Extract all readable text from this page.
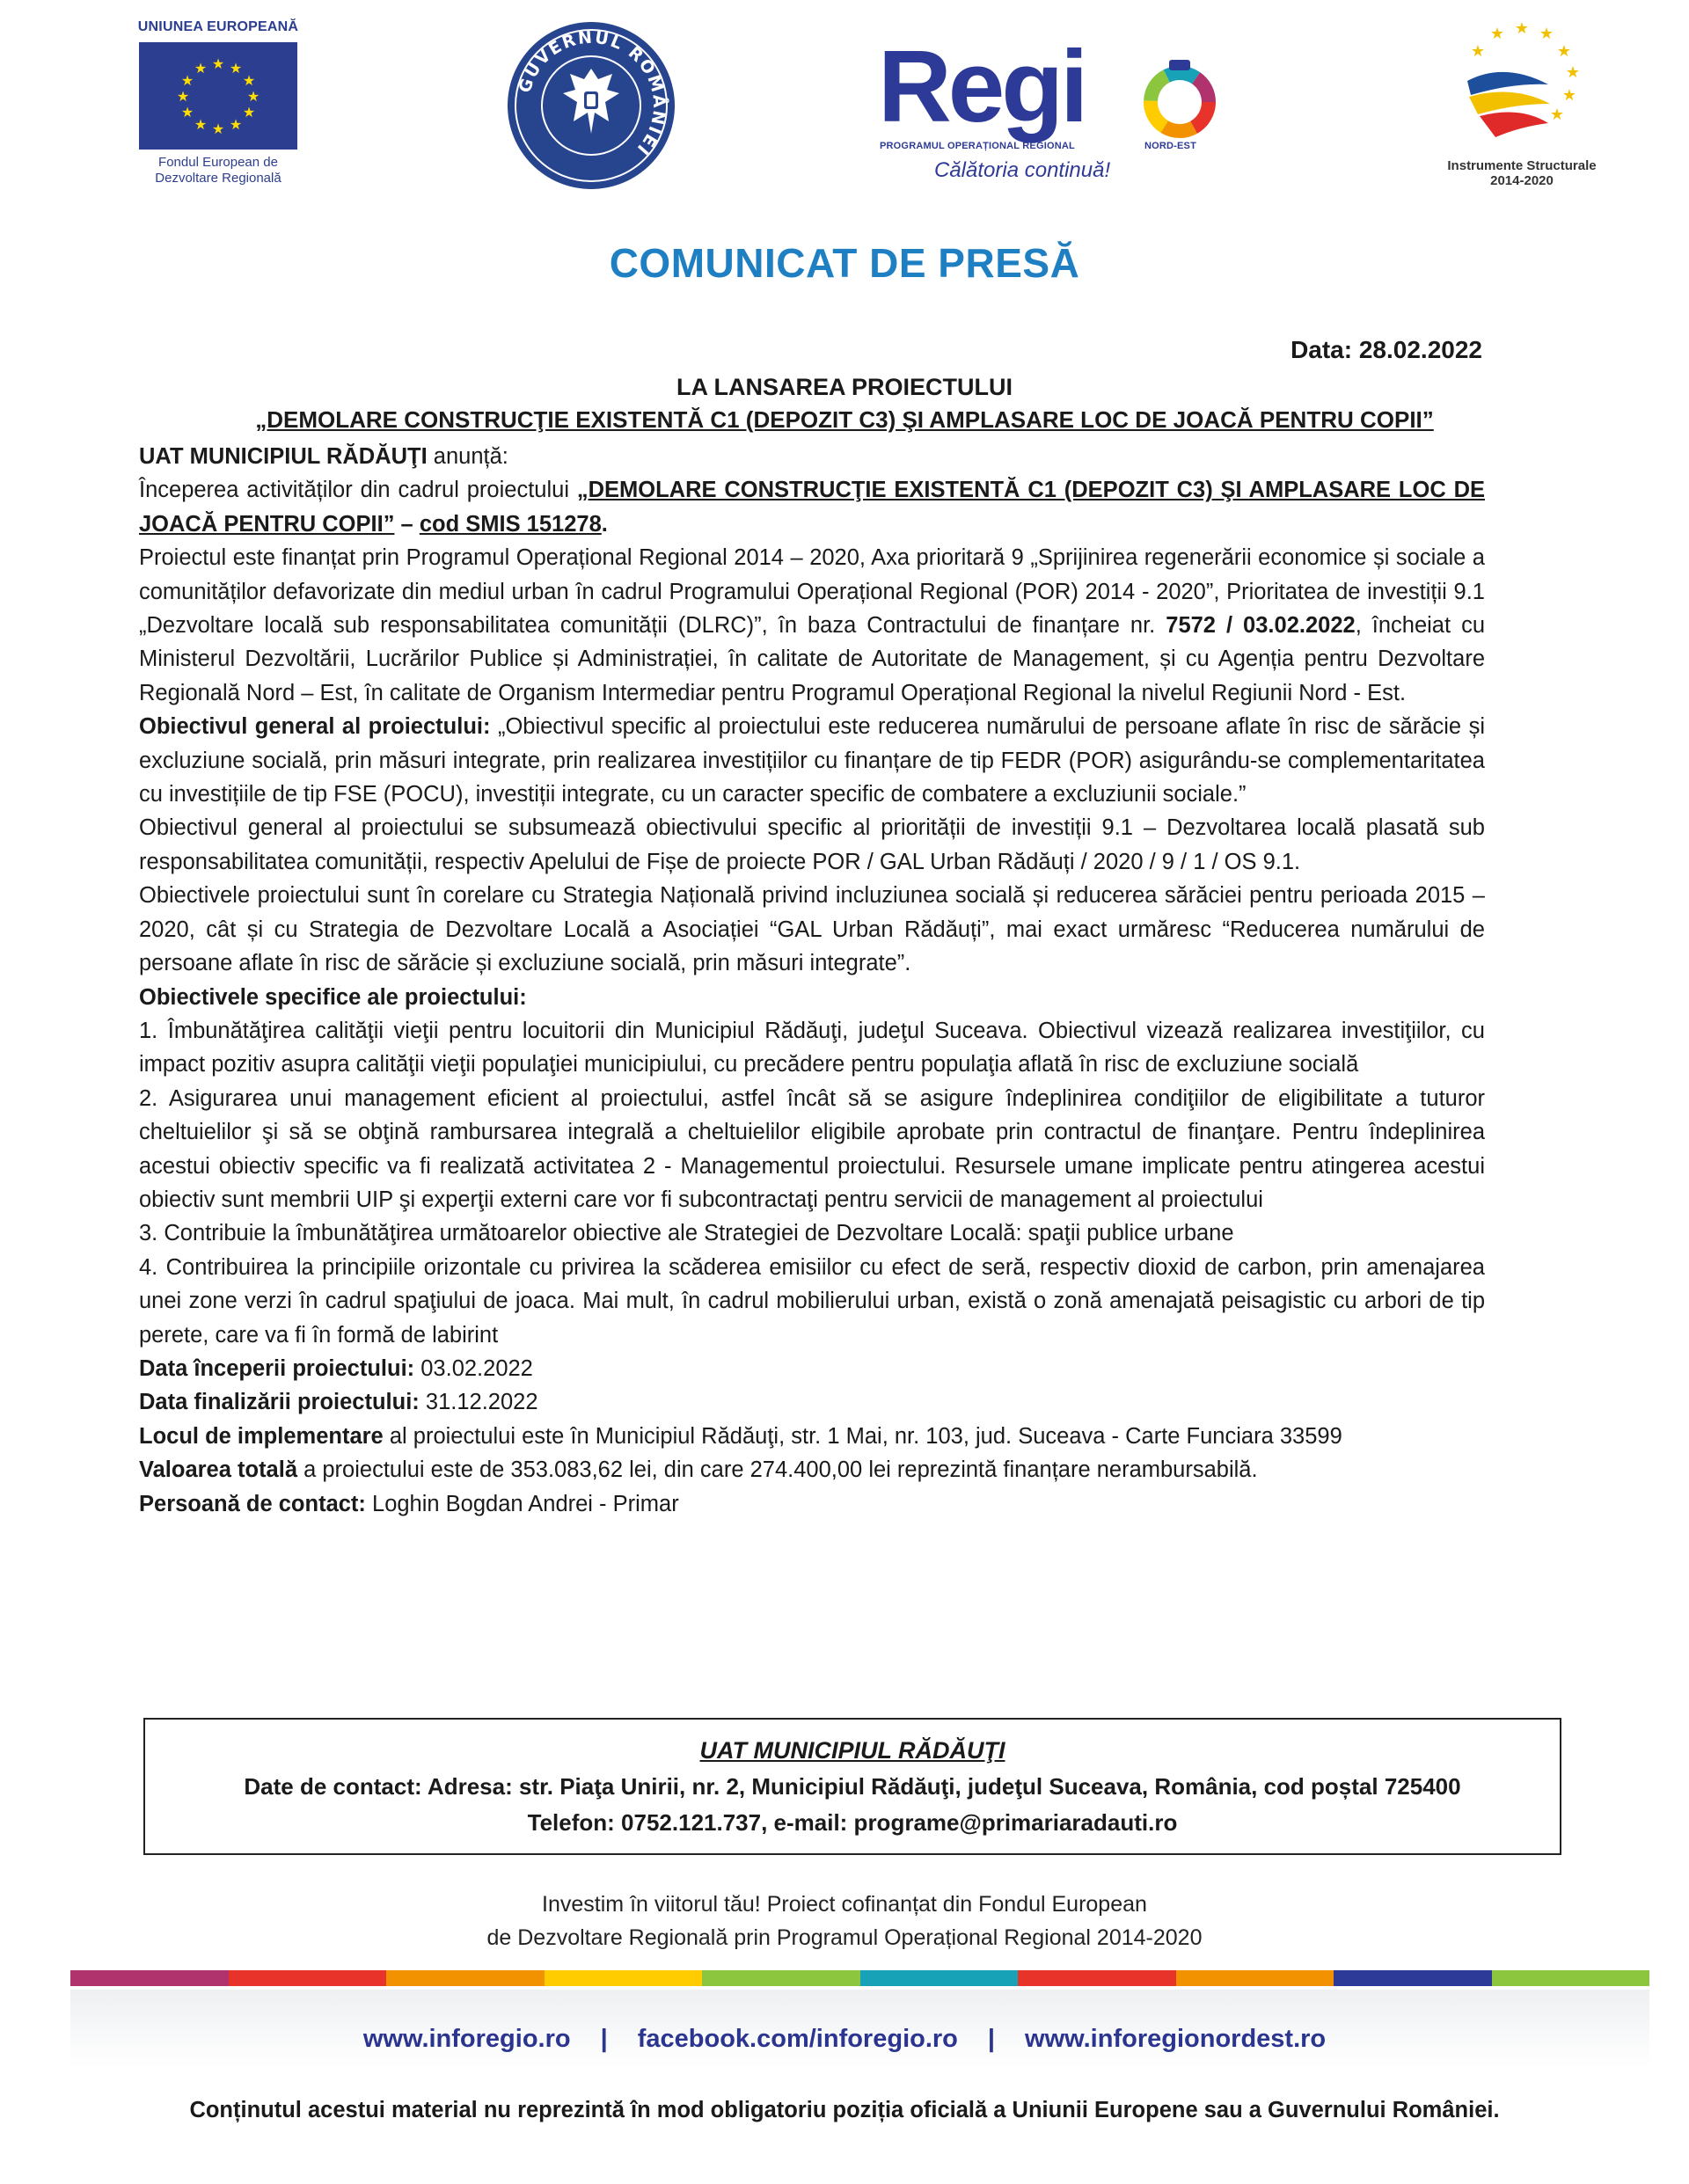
UNIUNEA EUROPEANĂ
★ ★
★
★
★
★
★
★
★
★
★
★
Fondul European de
Dezvoltare Regională
GUVERNUL ROMÂNIEI
Regi
PROGRAMUL OPERAȚIONAL REGIONAL	NORD-EST
Călătoria continuă!
★
★ ★ ★
★
★
★
★
Instrumente Structurale
2014-2020
COMUNICAT DE PRESĂ
Data: 28.02.2022
LA LANSAREA PROIECTULUI
„DEMOLARE CONSTRUCŢIE EXISTENTĂ C1 (DEPOZIT C3) ŞI AMPLASARE LOC DE JOACĂ PENTRU COPII”

UAT MUNICIPIUL RĂDĂUŢI anunță:

Începerea activităților din cadrul proiectului „DEMOLARE CONSTRUCŢIE EXISTENTĂ C1 (DEPOZIT C3) ŞI AMPLASARE LOC DE JOACĂ PENTRU COPII” – cod SMIS 151278.

Proiectul este finanțat prin Programul Operațional Regional 2014 – 2020, Axa prioritară 9 „Sprijinirea regenerării economice și sociale a comunităților defavorizate din mediul urban în cadrul Programului Operațional Regional (POR) 2014 - 2020”, Prioritatea de investiții 9.1 „Dezvoltare locală sub responsabilitatea comunității (DLRC)”, în baza Contractului de finanțare nr. 7572 / 03.02.2022, încheiat cu Ministerul Dezvoltării, Lucrărilor Publice și Administrației, în calitate de Autoritate de Management, și cu Agenția pentru Dezvoltare Regională Nord – Est, în calitate de Organism Intermediar pentru Programul Operațional Regional la nivelul Regiunii Nord - Est.

Obiectivul general al proiectului: „Obiectivul specific al proiectului este reducerea numărului de persoane aflate în risc de sărăcie și excluziune socială, prin măsuri integrate, prin realizarea investițiilor cu finanțare de tip FEDR (POR) asigurându-se complementaritatea cu investițiile de tip FSE (POCU), investiții integrate, cu un caracter specific de combatere a excluziunii sociale.”

Obiectivul general al proiectului se subsumează obiectivului specific al priorității de investiții 9.1 – Dezvoltarea locală plasată sub responsabilitatea comunității, respectiv Apelului de Fișe de proiecte POR / GAL Urban Rădăuți / 2020 / 9 / 1 / OS 9.1.

Obiectivele proiectului sunt în corelare cu Strategia Națională privind incluziunea socială și reducerea sărăciei pentru perioada 2015 – 2020, cât și cu Strategia de Dezvoltare Locală a Asociației “GAL Urban Rădăuți”, mai exact urmăresc “Reducerea numărului de persoane aflate în risc de sărăcie și excluziune socială, prin măsuri integrate”.

Obiectivele specifice ale proiectului:

1. Îmbunătăţirea calităţii vieţii pentru locuitorii din Municipiul Rădăuţi, judeţul Suceava. Obiectivul vizează realizarea investiţiilor, cu impact pozitiv asupra calităţii vieţii populaţiei municipiului, cu precădere pentru populaţia aflată în risc de excluziune socială

2. Asigurarea unui management eficient al proiectului, astfel încât să se asigure îndeplinirea condiţiilor de eligibilitate a tuturor cheltuielilor şi să se obţină rambursarea integrală a cheltuielilor eligibile aprobate prin contractul de finanţare. Pentru îndeplinirea acestui obiectiv specific va fi realizată activitatea 2 - Managementul proiectului. Resursele umane implicate pentru atingerea acestui obiectiv sunt membrii UIP şi experţii externi care vor fi subcontractaţi pentru servicii de management al proiectului

3. Contribuie la îmbunătăţirea următoarelor obiective ale Strategiei de Dezvoltare Locală: spaţii publice urbane

4. Contribuirea la principiile orizontale cu privirea la scăderea emisiilor cu efect de seră, respectiv dioxid de carbon, prin amenajarea unei zone verzi în cadrul spaţiului de joaca. Mai mult, în cadrul mobilierului urban, există o zonă amenajată peisagistic cu arbori de tip perete, care va fi în formă de labirint

Data începerii proiectului: 03.02.2022

Data finalizării proiectului: 31.12.2022

Locul de implementare al proiectului este în Municipiul Rădăuţi, str. 1 Mai, nr. 103, jud. Suceava - Carte Funciara 33599

Valoarea totală a proiectului este de 353.083,62 lei, din care 274.400,00 lei reprezintă finanțare nerambursabilă.

Persoană de contact: Loghin Bogdan Andrei - Primar

UAT MUNICIPIUL RĂDĂUŢI
Date de contact: Adresa: str. Piaţa Unirii, nr. 2, Municipiul Rădăuţi, judeţul Suceava, România, cod poștal 725400
Telefon: 0752.121.737, e-mail: programe@primariaradauti.ro
Investim în viitorul tău! Proiect cofinanțat din Fondul European
de Dezvoltare Regională prin Programul Operațional Regional 2014-2020
www.inforegio.ro | facebook.com/inforegio.ro | www.inforegionordest.ro
Conținutul acestui material nu reprezintă în mod obligatoriu poziția oficială a Uniunii Europene sau a Guvernului României.
